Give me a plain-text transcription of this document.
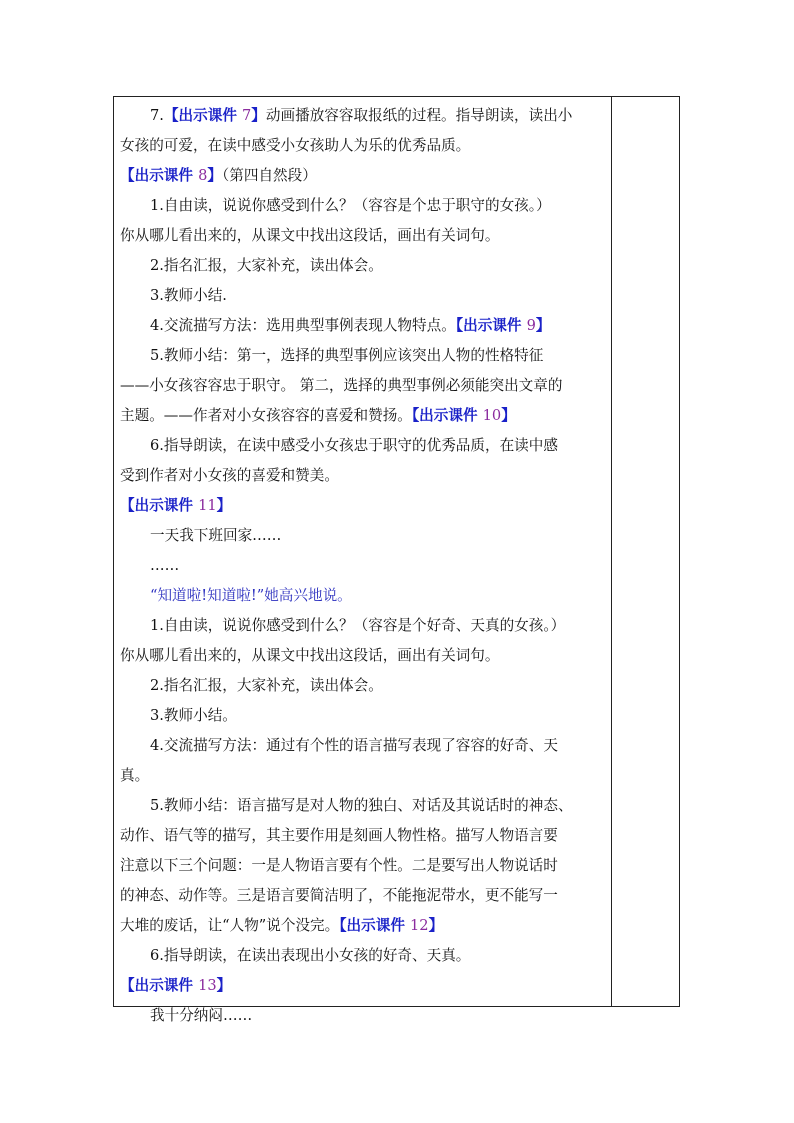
7.【出示课件 7】动画播放容容取报纸的过程。指导朗读，读出小
女孩的可爱，在读中感受小女孩助人为乐的优秀品质。
【出示课件 8】（第四自然段）
1.自由读，说说你感受到什么？（容容是个忠于职守的女孩。）
你从哪儿看出来的，从课文中找出这段话，画出有关词句。
2.指名汇报，大家补充，读出体会。
3.教师小结.
4.交流描写方法：选用典型事例表现人物特点。【出示课件 9】
5.教师小结：第一，选择的典型事例应该突出人物的性格特征
——小女孩容容忠于职守。 第二，选择的典型事例必须能突出文章的
主题。——作者对小女孩容容的喜爱和赞扬。【出示课件 10】
6.指导朗读，在读中感受小女孩忠于职守的优秀品质，在读中感
受到作者对小女孩的喜爱和赞美。
【出示课件 11】
一天我下班回家……
……
“知道啦!知道啦!”她高兴地说。
1.自由读，说说你感受到什么？（容容是个好奇、天真的女孩。）
你从哪儿看出来的，从课文中找出这段话，画出有关词句。
2.指名汇报，大家补充，读出体会。
3.教师小结。
4.交流描写方法：通过有个性的语言描写表现了容容的好奇、天
真。
5.教师小结：语言描写是对人物的独白、对话及其说话时的神态、
动作、语气等的描写，其主要作用是刻画人物性格。描写人物语言要
注意以下三个问题：一是人物语言要有个性。二是要写出人物说话时
的神态、动作等。三是语言要简洁明了，不能拖泥带水，更不能写一
大堆的废话，让“人物”说个没完。【出示课件 12】
6.指导朗读，在读出表现出小女孩的好奇、天真。
【出示课件 13】
我十分纳闷……
